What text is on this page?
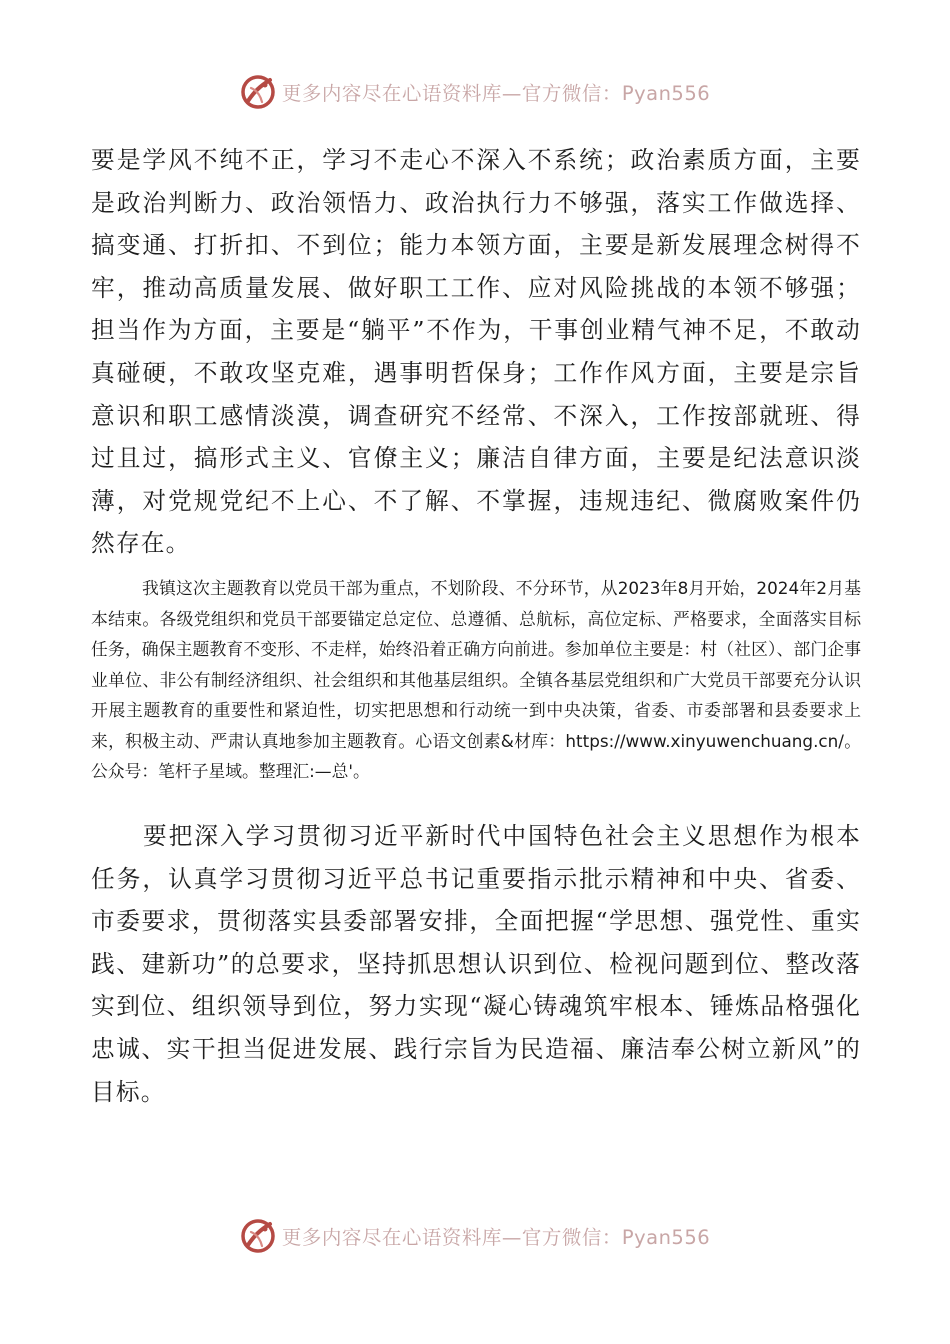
更多内容尽在心语资料库—官方微信：Pyan556

要是学风不纯不正，学习不走心不深入不系统；政治素质方面，主要是政治判断力、政治领悟力、政治执行力不够强，落实工作做选择、搞变通、打折扣、不到位；能力本领方面，主要是新发展理念树得不牢，推动高质量发展、做好职工工作、应对风险挑战的本领不够强；担当作为方面，主要是“躺平”不作为，干事创业精气神不足，不敢动真碰硬，不敢攻坚克难，遇事明哲保身；工作作风方面，主要是宗旨意识和职工感情淡漠，调查研究不经常、不深入，工作按部就班、得过且过，搞形式主义、官僚主义；廉洁自律方面，主要是纪法意识淡薄，对党规党纪不上心、不了解、不掌握，违规违纪、微腐败案件仍然存在。

我镇这次主题教育以党员干部为重点，不划阶段、不分环节，从2023年8月开始，2024年2月基本结束。各级党组织和党员干部要锚定总定位、总遵循、总航标，高位定标、严格要求，全面落实目标任务，确保主题教育不变形、不走样，始终沿着正确方向前进。参加单位主要是：村（社区）、部门企事业单位、非公有制经济组织、社会组织和其他基层组织。全镇各基层党组织和广大党员干部要充分认识开展主题教育的重要性和紧迫性，切实把思想和行动统一到中央决策，省委、市委部署和县委要求上来，积极主动、严肃认真地参加主题教育。心语文创素&材库：https://www.xinyuwenchuang.cn/。公众号：笔杆子星域。整理汇:—总'。

要把深入学习贯彻习近平新时代中国特色社会主义思想作为根本任务，认真学习贯彻习近平总书记重要指示批示精神和中央、省委、市委要求，贯彻落实县委部署安排，全面把握“学思想、强党性、重实践、建新功”的总要求，坚持抓思想认识到位、检视问题到位、整改落实到位、组织领导到位，努力实现“凝心铸魂筑牢根本、锤炼品格强化忠诚、实干担当促进发展、践行宗旨为民造福、廉洁奉公树立新风”的目标。

更多内容尽在心语资料库—官方微信：Pyan556
